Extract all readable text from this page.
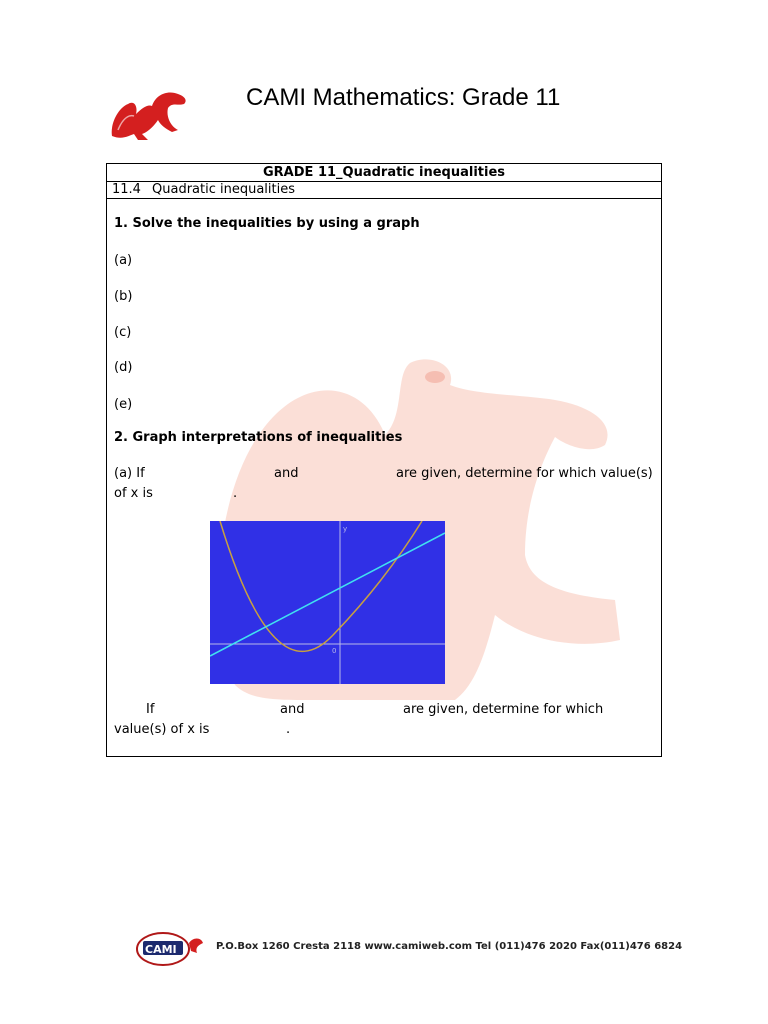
CAMI Mathematics: Grade 11
GRADE 11_Quadratic inequalities
11.4 Quadratic inequalities
1. Solve the inequalities by using a graph
(a)
(b)
(c)
(d)
(e)
2. Graph interpretations of inequalities
(a) If	and	are given, determine for which value(s)
of x is	.
y
0
If	and	are given, determine for which
value(s) of x is	.
CAMI	P.O.Box 1260 Cresta 2118 www.camiweb.com Tel (011)476 2020 Fax(011)476 6824
